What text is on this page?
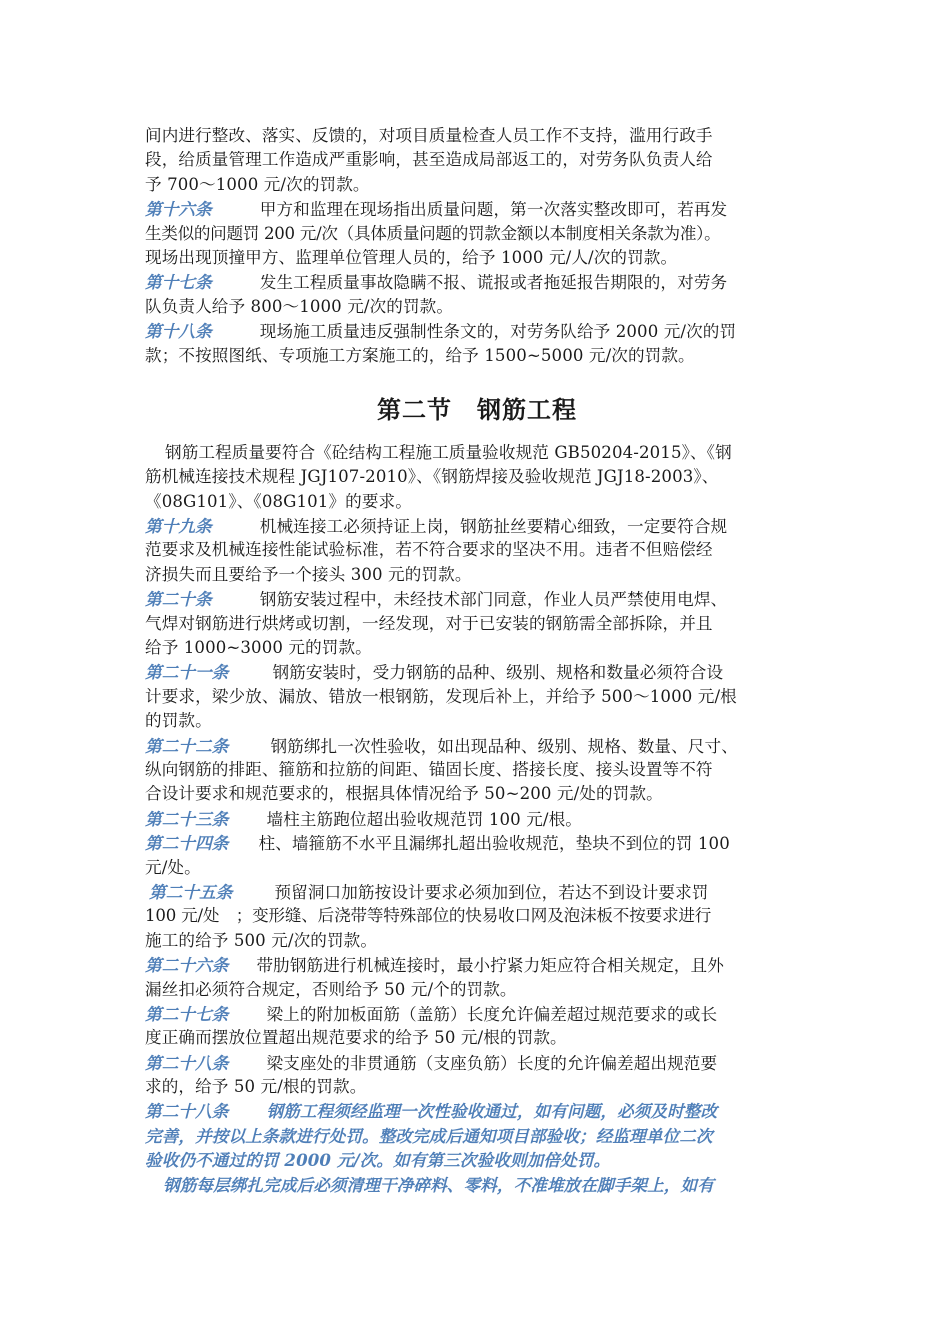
间内进行整改、落实、反馈的，对项目质量检查人员工作不支持，滥用行政手
段，给质量管理工作造成严重影响，甚至造成局部返工的，对劳务队负责人给
予 700～1000 元/次的罚款。
第十六条	甲方和监理在现场指出质量问题，第一次落实整改即可，若再发
生类似的问题罚 200 元/次（具体质量问题的罚款金额以本制度相关条款为准）。
现场出现顶撞甲方、监理单位管理人员的，给予 1000 元/人/次的罚款。
第十七条	发生工程质量事故隐瞒不报、谎报或者拖延报告期限的，对劳务
队负责人给予 800～1000 元/次的罚款。
第十八条	现场施工质量违反强制性条文的，对劳务队给予 2000 元/次的罚
款；不按照图纸、专项施工方案施工的，给予 1500~5000 元/次的罚款。
第二节　钢筋工程
钢筋工程质量要符合《砼结构工程施工质量验收规范 GB50204-2015》、《钢
筋机械连接技术规程 JGJ107-2010》、《钢筋焊接及验收规范 JGJ18-2003》、
《08G101》、《08G101》的要求。
第十九条	机械连接工必须持证上岗，钢筋扯丝要精心细致，一定要符合规
范要求及机械连接性能试验标准，若不符合要求的坚决不用。违者不但赔偿经
济损失而且要给予一个接头 300 元的罚款。
第二十条	钢筋安装过程中，未经技术部门同意，作业人员严禁使用电焊、
气焊对钢筋进行烘烤或切割，一经发现，对于已安装的钢筋需全部拆除，并且
给予 1000~3000 元的罚款。
第二十一条	钢筋安装时，受力钢筋的品种、级别、规格和数量必须符合设
计要求，梁少放、漏放、错放一根钢筋，发现后补上，并给予 500～1000 元/根
的罚款。
第二十二条	钢筋绑扎一次性验收，如出现品种、级别、规格、数量、尺寸、
纵向钢筋的排距、箍筋和拉筋的间距、锚固长度、搭接长度、接头设置等不符
合设计要求和规范要求的，根据具体情况给予 50~200 元/处的罚款。
第二十三条 墙柱主筋跑位超出验收规范罚 100 元/根。
第二十四条 柱、墙箍筋不水平且漏绑扎超出验收规范，垫块不到位的罚 100
元/处。
第二十五条	预留洞口加筋按设计要求必须加到位，若达不到设计要求罚
100 元/处　；变形缝、后浇带等特殊部位的快易收口网及泡沫板不按要求进行
施工的给予 500 元/次的罚款。
第二十六条 带肋钢筋进行机械连接时，最小拧紧力矩应符合相关规定，且外
漏丝扣必须符合规定，否则给予 50 元/个的罚款。
第二十七条 梁上的附加板面筋（盖筋）长度允许偏差超过规范要求的或长
度正确而摆放位置超出规范要求的给予 50 元/根的罚款。
第二十八条 梁支座处的非贯通筋（支座负筋）长度的允许偏差超出规范要
求的，给予 50 元/根的罚款。
第二十八条 钢筋工程须经监理一次性验收通过，如有问题，必须及时整改
完善，并按以上条款进行处罚。整改完成后通知项目部验收；经监理单位二次
验收仍不通过的罚 2000 元/次。如有第三次验收则加倍处罚。
钢筋每层绑扎完成后必须清理干净碎料、零料，不准堆放在脚手架上，如有
